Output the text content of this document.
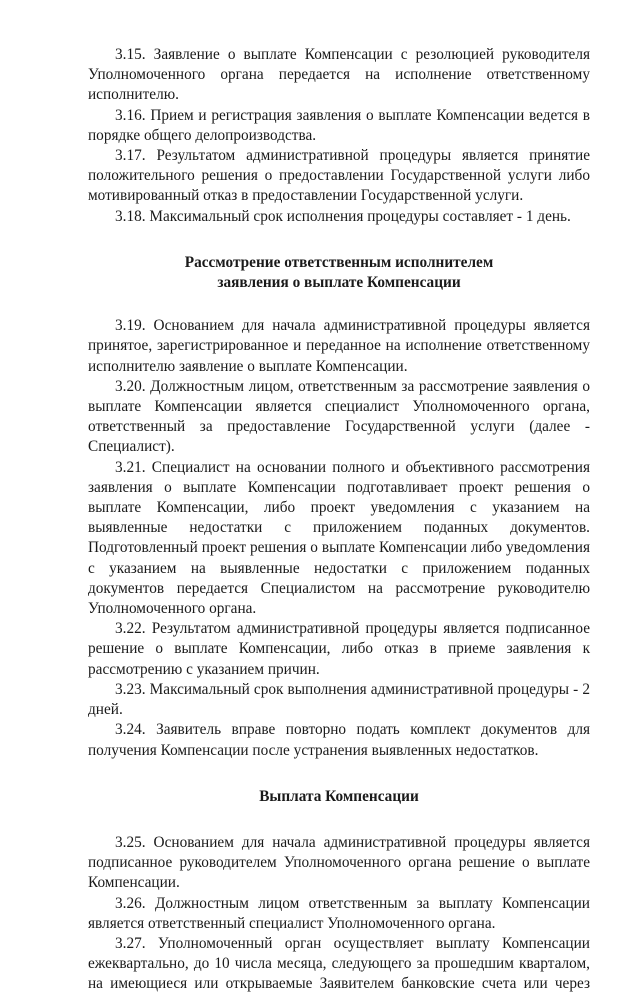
3.15. Заявление о выплате Компенсации с резолюцией руководителя Уполномоченного органа передается на исполнение ответственному исполнителю.

3.16. Прием и регистрация заявления о выплате Компенсации ведется в порядке общего делопроизводства.

3.17. Результатом административной процедуры является принятие положительного решения о предоставлении Государственной услуги либо мотивированный отказ в предоставлении Государственной услуги.

3.18. Максимальный срок исполнения процедуры составляет - 1 день.

Рассмотрение ответственным исполнителем
заявления о выплате Компенсации

3.19. Основанием для начала административной процедуры является принятое, зарегистрированное и переданное на исполнение ответственному исполнителю заявление о выплате Компенсации.

3.20. Должностным лицом, ответственным за рассмотрение заявления о выплате Компенсации является специалист Уполномоченного органа, ответственный за предоставление Государственной услуги (далее - Специалист).

3.21. Специалист на основании полного и объективного рассмотрения заявления о выплате Компенсации подготавливает проект решения о выплате Компенсации, либо проект уведомления с указанием на выявленные недостатки с приложением поданных документов. Подготовленный проект решения о выплате Компенсации либо уведомления с указанием на выявленные недостатки с приложением поданных документов передается Специалистом на рассмотрение руководителю Уполномоченного органа.

3.22. Результатом административной процедуры является подписанное решение о выплате Компенсации, либо отказ в приеме заявления к рассмотрению с указанием причин.

3.23. Максимальный срок выполнения административной процедуры - 2 дней.

3.24. Заявитель вправе повторно подать комплект документов для получения Компенсации после устранения выявленных недостатков.

Выплата Компенсации

3.25. Основанием для начала административной процедуры является подписанное руководителем Уполномоченного органа решение о выплате Компенсации.

3.26. Должностным лицом ответственным за выплату Компенсации является ответственный специалист Уполномоченного органа.

3.27. Уполномоченный орган осуществляет выплату Компенсации ежеквартально, до 10 числа месяца, следующего за прошедшим кварталом, на имеющиеся или открываемые Заявителем банковские счета или через
